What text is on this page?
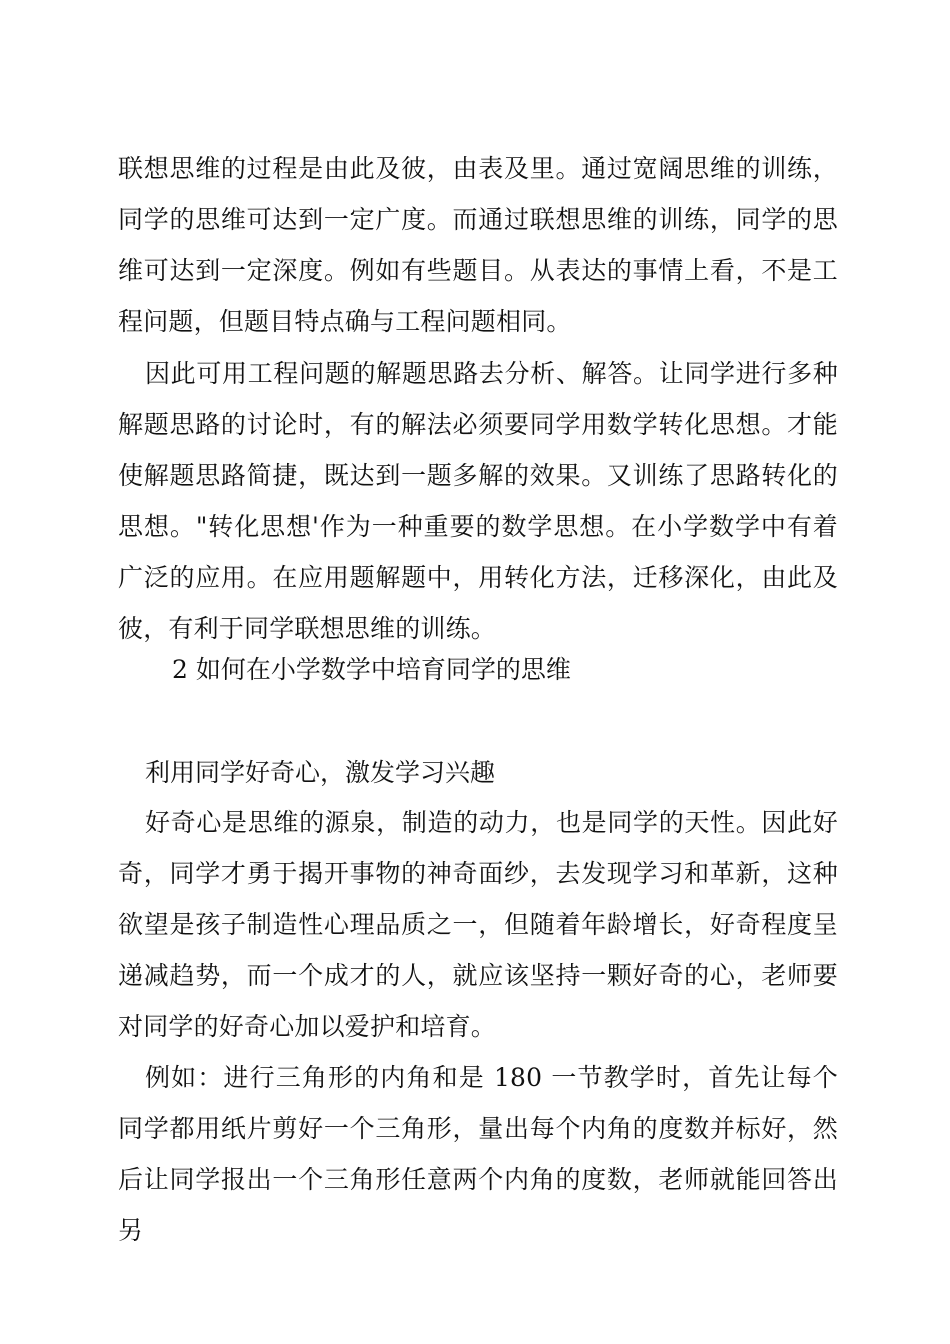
联想思维的过程是由此及彼，由表及里。通过宽阔思维的训练，同学的思维可达到一定广度。而通过联想思维的训练，同学的思维可达到一定深度。例如有些题目。从表达的事情上看，不是工程问题，但题目特点确与工程问题相同。

因此可用工程问题的解题思路去分析、解答。让同学进行多种解题思路的讨论时，有的解法必须要同学用数学转化思想。才能使解题思路简捷，既达到一题多解的效果。又训练了思路转化的思想。"转化思想'作为一种重要的数学思想。在小学数学中有着广泛的应用。在应用题解题中，用转化方法，迁移深化，由此及彼，有利于同学联想思维的训练。

2 如何在小学数学中培育同学的思维

利用同学好奇心，激发学习兴趣

好奇心是思维的源泉，制造的动力，也是同学的天性。因此好奇，同学才勇于揭开事物的神奇面纱，去发现学习和革新，这种欲望是孩子制造性心理品质之一，但随着年龄增长，好奇程度呈递减趋势，而一个成才的人，就应该坚持一颗好奇的心，老师要对同学的好奇心加以爱护和培育。

例如：进行三角形的内角和是 180 一节教学时，首先让每个同学都用纸片剪好一个三角形，量出每个内角的度数并标好，然后让同学报出一个三角形任意两个内角的度数，老师就能回答出另
